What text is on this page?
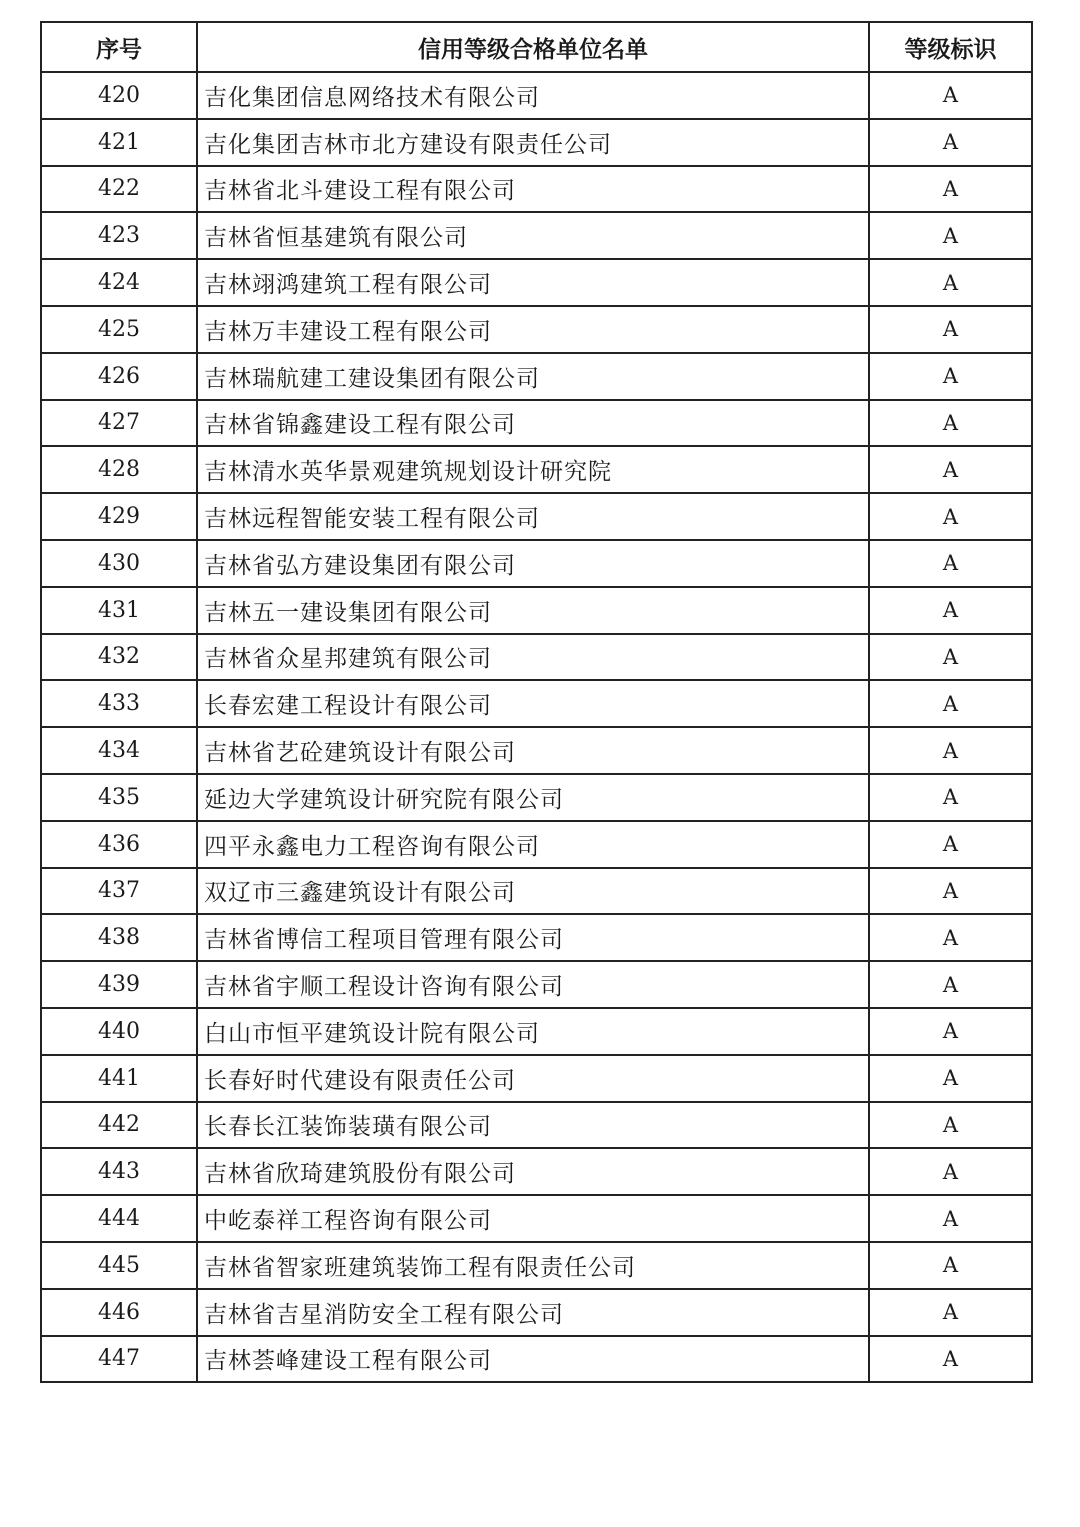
序号	信用等级合格单位名单	等级标识
420	吉化集团信息网络技术有限公司	A
421	吉化集团吉林市北方建设有限责任公司	A
422	吉林省北斗建设工程有限公司	A
423	吉林省恒基建筑有限公司	A
424	吉林翊鸿建筑工程有限公司	A
425	吉林万丰建设工程有限公司	A
426	吉林瑞航建工建设集团有限公司	A
427	吉林省锦鑫建设工程有限公司	A
428	吉林清水英华景观建筑规划设计研究院	A
429	吉林远程智能安装工程有限公司	A
430	吉林省弘方建设集团有限公司	A
431	吉林五一建设集团有限公司	A
432	吉林省众星邦建筑有限公司	A
433	长春宏建工程设计有限公司	A
434	吉林省艺砼建筑设计有限公司	A
435	延边大学建筑设计研究院有限公司	A
436	四平永鑫电力工程咨询有限公司	A
437	双辽市三鑫建筑设计有限公司	A
438	吉林省博信工程项目管理有限公司	A
439	吉林省宇顺工程设计咨询有限公司	A
440	白山市恒平建筑设计院有限公司	A
441	长春好时代建设有限责任公司	A
442	长春长江装饰装璜有限公司	A
443	吉林省欣琦建筑股份有限公司	A
444	中屹泰祥工程咨询有限公司	A
445	吉林省智家班建筑装饰工程有限责任公司	A
446	吉林省吉星消防安全工程有限公司	A
447	吉林荟峰建设工程有限公司	A
